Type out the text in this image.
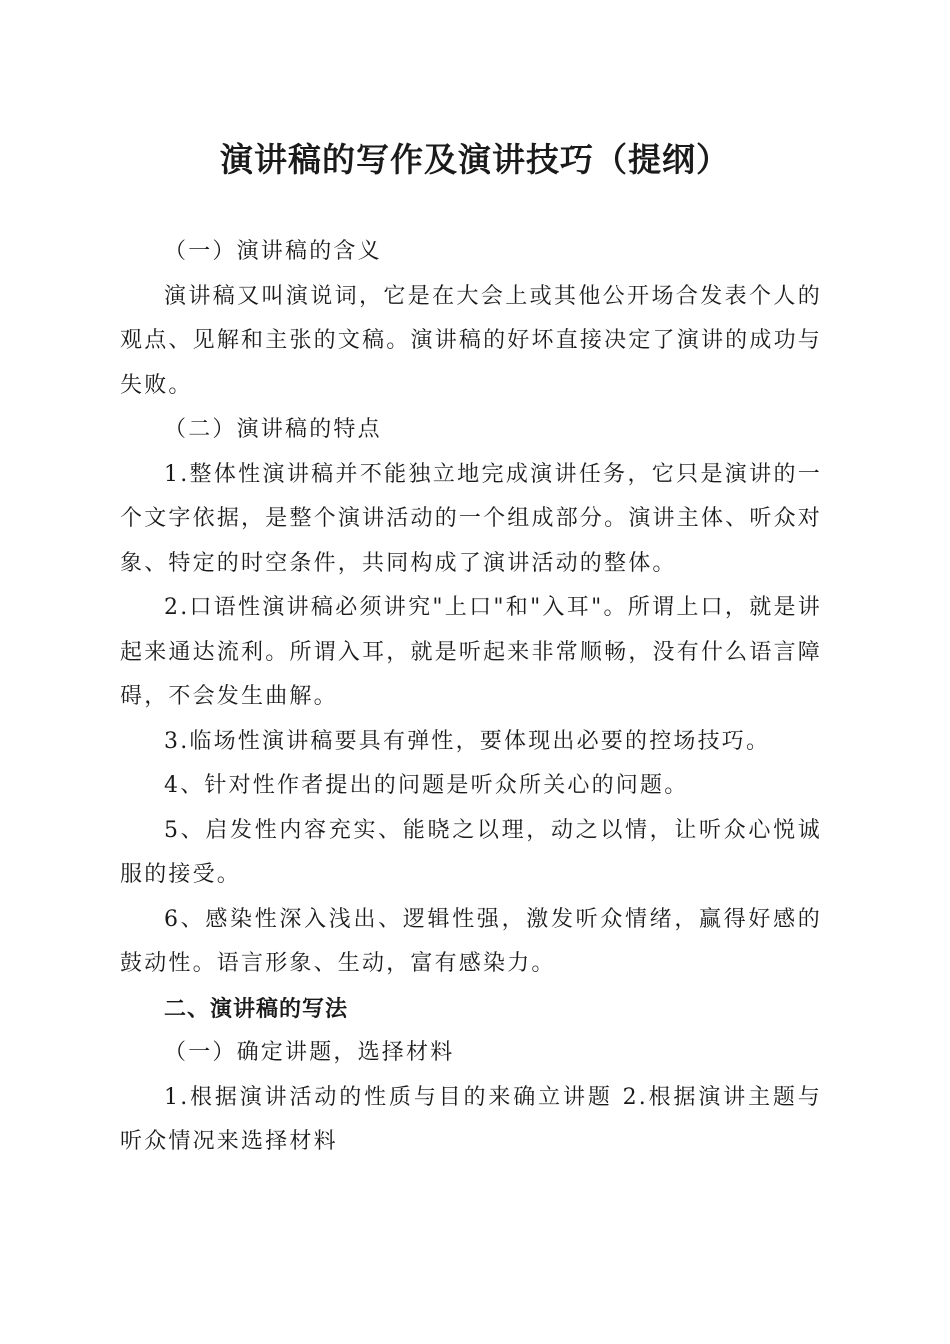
演讲稿的写作及演讲技巧（提纲）

（一）演讲稿的含义

演讲稿又叫演说词，它是在大会上或其他公开场合发表个人的观点、见解和主张的文稿。演讲稿的好坏直接决定了演讲的成功与失败。

（二）演讲稿的特点

1.整体性演讲稿并不能独立地完成演讲任务，它只是演讲的一个文字依据，是整个演讲活动的一个组成部分。演讲主体、听众对象、特定的时空条件，共同构成了演讲活动的整体。

2.口语性演讲稿必须讲究"上口"和"入耳"。所谓上口，就是讲起来通达流利。所谓入耳，就是听起来非常顺畅，没有什么语言障碍，不会发生曲解。

3.临场性演讲稿要具有弹性，要体现出必要的控场技巧。

4、针对性作者提出的问题是听众所关心的问题。

5、启发性内容充实、能晓之以理，动之以情，让听众心悦诚服的接受。

6、感染性深入浅出、逻辑性强，激发听众情绪，赢得好感的鼓动性。语言形象、生动，富有感染力。

二、演讲稿的写法

（一）确定讲题，选择材料

1.根据演讲活动的性质与目的来确立讲题 2.根据演讲主题与听众情况来选择材料
